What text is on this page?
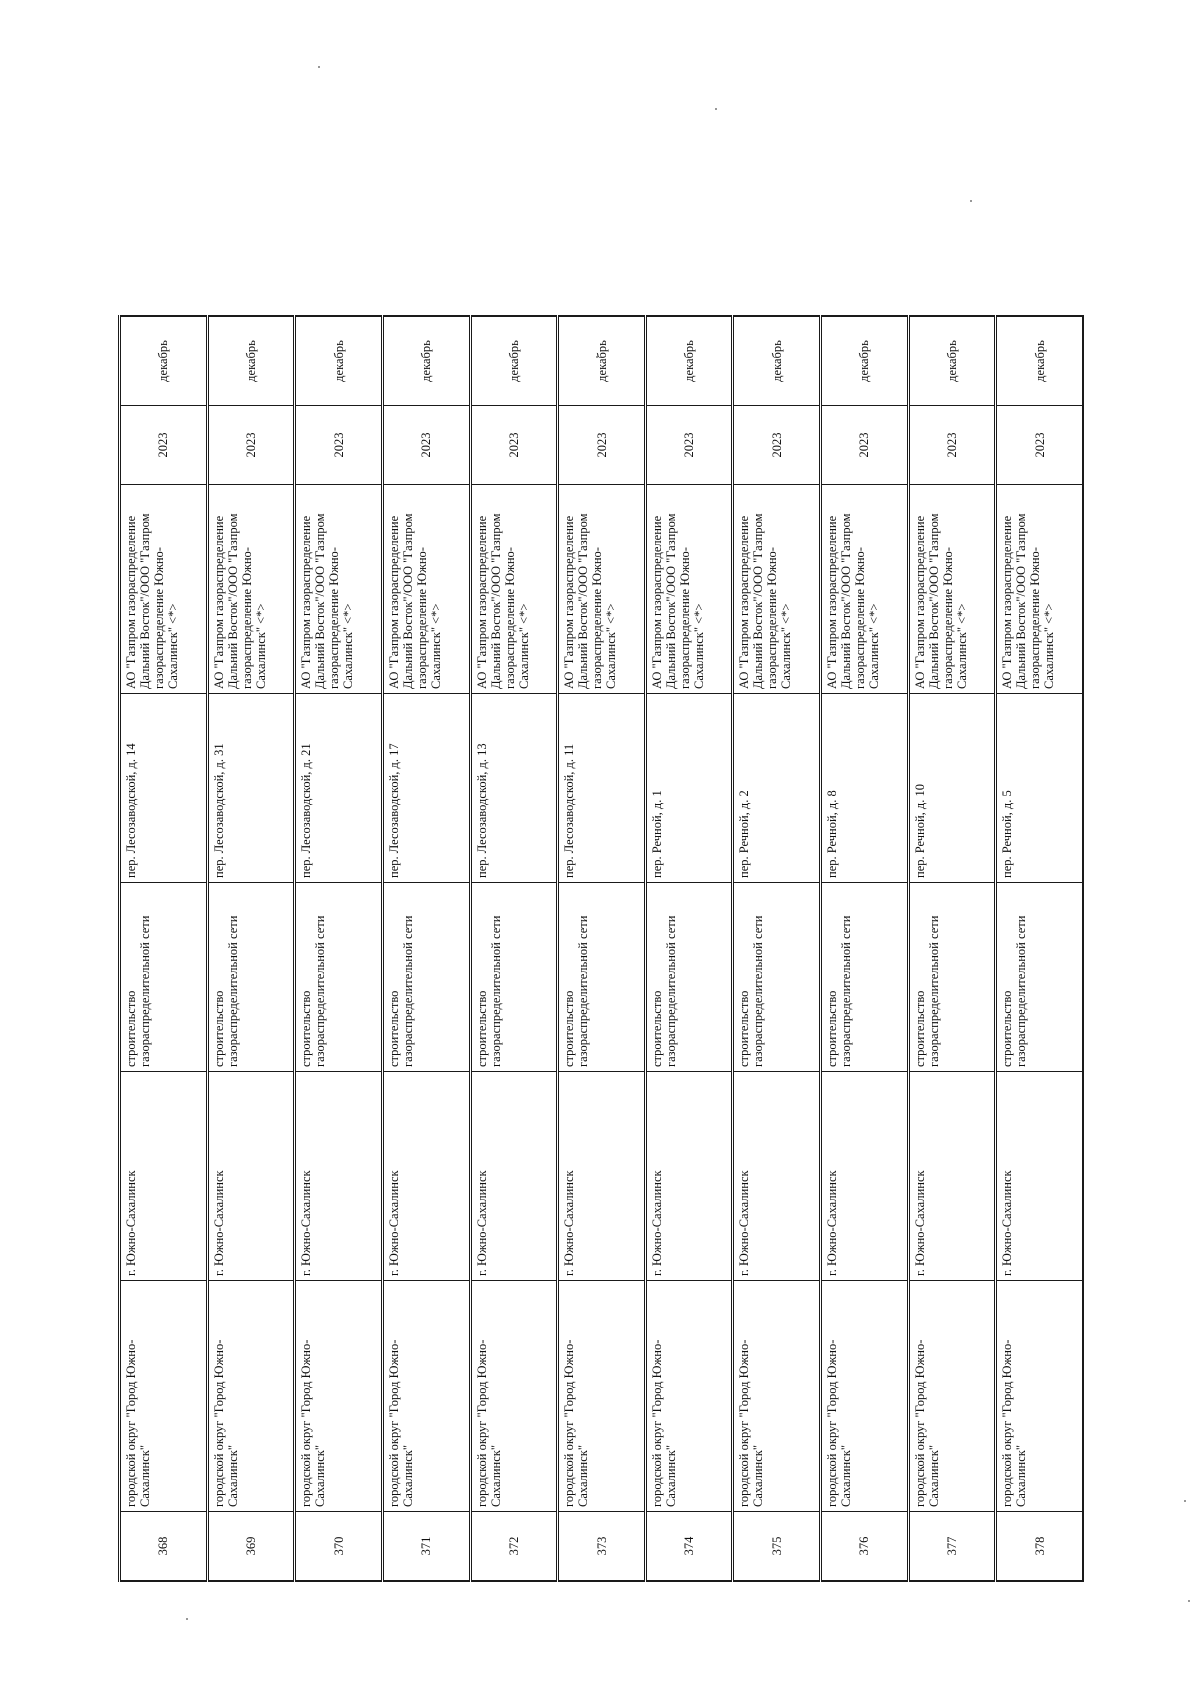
368	городской округ "Город Южно-Сахалинск"	г. Южно-Сахалинск	строительство газораспределительной сети	пер. Лесозаводской, д. 14	АО "Газпром газораспределение Дальний Восток"/ООО "Газпром газораспределение Южно-Сахалинск" <*>	2023	декабрь
369	городской округ "Город Южно-Сахалинск"	г. Южно-Сахалинск	строительство газораспределительной сети	пер. Лесозаводской, д. 31	АО "Газпром газораспределение Дальний Восток"/ООО "Газпром газораспределение Южно-Сахалинск" <*>	2023	декабрь
370	городской округ "Город Южно-Сахалинск"	г. Южно-Сахалинск	строительство газораспределительной сети	пер. Лесозаводской, д. 21	АО "Газпром газораспределение Дальний Восток"/ООО "Газпром газораспределение Южно-Сахалинск" <*>	2023	декабрь
371	городской округ "Город Южно-Сахалинск"	г. Южно-Сахалинск	строительство газораспределительной сети	пер. Лесозаводской, д. 17	АО "Газпром газораспределение Дальний Восток"/ООО "Газпром газораспределение Южно-Сахалинск" <*>	2023	декабрь
372	городской округ "Город Южно-Сахалинск"	г. Южно-Сахалинск	строительство газораспределительной сети	пер. Лесозаводской, д. 13	АО "Газпром газораспределение Дальний Восток"/ООО "Газпром газораспределение Южно-Сахалинск" <*>	2023	декабрь
373	городской округ "Город Южно-Сахалинск"	г. Южно-Сахалинск	строительство газораспределительной сети	пер. Лесозаводской, д. 11	АО "Газпром газораспределение Дальний Восток"/ООО "Газпром газораспределение Южно-Сахалинск" <*>	2023	декабрь
374	городской округ "Город Южно-Сахалинск"	г. Южно-Сахалинск	строительство газораспределительной сети	пер. Речной, д. 1	АО "Газпром газораспределение Дальний Восток"/ООО "Газпром газораспределение Южно-Сахалинск" <*>	2023	декабрь
375	городской округ "Город Южно-Сахалинск"	г. Южно-Сахалинск	строительство газораспределительной сети	пер. Речной, д. 2	АО "Газпром газораспределение Дальний Восток"/ООО "Газпром газораспределение Южно-Сахалинск" <*>	2023	декабрь
376	городской округ "Город Южно-Сахалинск"	г. Южно-Сахалинск	строительство газораспределительной сети	пер. Речной, д. 8	АО "Газпром газораспределение Дальний Восток"/ООО "Газпром газораспределение Южно-Сахалинск" <*>	2023	декабрь
377	городской округ "Город Южно-Сахалинск"	г. Южно-Сахалинск	строительство газораспределительной сети	пер. Речной, д. 10	АО "Газпром газораспределение Дальний Восток"/ООО "Газпром газораспределение Южно-Сахалинск" <*>	2023	декабрь
378	городской округ "Город Южно-Сахалинск"	г. Южно-Сахалинск	строительство газораспределительной сети	пер. Речной, д. 5	АО "Газпром газораспределение Дальний Восток"/ООО "Газпром газораспределение Южно-Сахалинск" <*>	2023	декабрь
